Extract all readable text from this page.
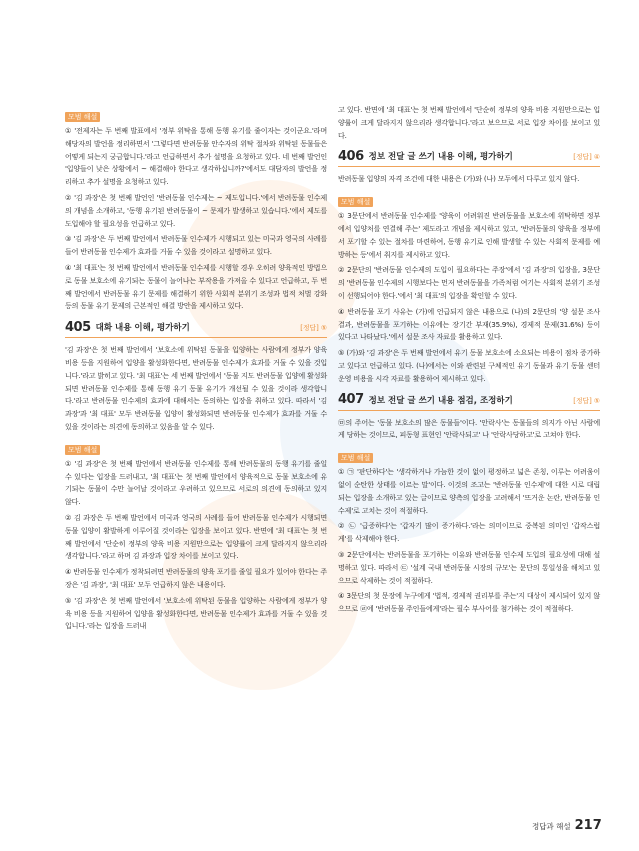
모범 해설

① '전제자는 두 번째 발표에서 '정부 위탁을 통해 동행 유기를 줄이자는 것이군요.'라며 해당자의 발언을 정리하면서 '그렇다면 반려동물 안수자의 위탁 절차와 위탁된 동물들은 어떻게 되는지 궁금합니다.'라고 언급하면서 추가 설명을 요청하고 있다. 네 번째 발언인 '입양들이 낮은 상황에서 ~ 해결해야 한다고 생각하십니까?'에서도 대담자의 발언을 정리하고 추가 설명을 요청하고 있다.

② '김 과장'은 첫 번째 발언인 '반려동물 인수제는 ~ 제도입니다.'에서 반려동물 인수제의 개념을 소개하고, '동행 유기된 반려동물이 ~ 문제가 발생하고 있습니다.'에서 제도를 도입해야 할 필요성을 언급하고 있다.

③ '김 과장'은 두 번째 발언에서 반려동물 인수제가 시행되고 있는 미국과 영국의 사례를 들어 반려동물 인수제가 효과를 거둘 수 있을 것이라고 설명하고 있다.

④ '최 대표'는 첫 번째 발언에서 반려동물 인수제를 시행할 경우 오히려 양육적인 방법으로 동물 보호소에 유기되는 동물이 늘어나는 부작용을 가져올 수 있다고 언급하고, 두 번째 발언에서 반려동물 유기 문제를 해결하기 위한 사회적 분위기 조성과 법적 처벌 강화 등의 동물 유기 문제의 근본적인 해결 방안을 제시하고 있다.

405 대화 내용 이해, 평가하기	[정답] ⑤

'김 과장'은 첫 번째 발언에서 '보호소에 위탁된 동물을 입양하는 사람에게 정부가 양육 비용 등을 지원하여 입양을 활성화한다면, 반려동물 인수제가 효과를 거둘 수 있을 것입니다.'라고 밝히고 있다. '최 대표'는 세 번째 발언에서 '동물 지도 반려동물 입양에 활성화되면 반려동물 인수제를 통해 동행 유기 동물 유기가 개선될 수 있을 것이라 생각합니다.'라고 반려동물 인수제의 효과에 대해서는 동의하는 입장을 취하고 있다. 따라서 '김 과장'과 '최 대표' 모두 반려동물 입양이 활성화되면 반려동물 인수제가 효과를 거둘 수 있을 것이라는 의견에 동의하고 있음을 알 수 있다.

모범 해설

① '김 과장'은 첫 번째 발언에서 반려동물 인수제를 통해 반려동물의 동행 유기를 줄일 수 있다는 입장을 드러내고, '최 대표'는 첫 번째 발언에서 양육적으로 동물 보호소에 유기되는 동물이 수만 늘어날 것이라고 우려하고 있으므로 서로의 의견에 동의하고 있지 않다.

② 김 과장은 두 번째 발언에서 미국과 영국의 사례를 들어 반려동물 인수제가 시행되면 동물 입양이 활발하게 이루어질 것이라는 입장을 보이고 있다. 반면에 '최 대표'는 첫 번째 발언에서 '단순히 정부의 양육 비용 지원만으로는 입양률이 크게 달라지지 않으리라 생각합니다.'라고 하며 김 과장과 입장 차이를 보이고 있다.

④ 반려동물 인수제가 정착되려면 반려동물의 양육 포기를 줄일 필요가 있어야 한다는 주장은 '김 과장', '최 대표' 모두 언급하지 않은 내용이다.

⑤ '김 과장'은 첫 번째 발언에서 '보호소에 위탁된 동물을 입양하는 사람에게 정부가 양육 비용 등을 지원하여 입양을 활성화한다면, 반려동물 인수제가 효과를 거둘 수 있을 것입니다.'라는 입장을 드러내

고 있다. 반면에 '최 대표'는 첫 번째 발언에서 '단순히 정부의 양육 비용 지원만으로는 입양률이 크게 달라지지 않으리라 생각합니다.'라고 보으므로 서로 입장 차이를 보이고 있다.

406 정보 전달 글 쓰기 내용 이해, 평가하기	[정답] ④

반려동물 입양의 자격 조건에 대한 내용은 (가)와 (나) 모두에서 다루고 있지 않다.

모범 해설

① 3문단에서 반려동물 인수제를 '양육이 어려워진 반려동물을 보호소에 위탁하면 정부에서 입양처를 연결해 주는' 제도라고 개념을 제시하고 있고, '반려동물의 양육을 정부에서 포기할 수 있는 절차를 마련하여, 동행 유기로 인해 발생할 수 있는 사회적 문제를 예방하는 등'에서 취지를 제시하고 있다.

② 2문단의 '반려동물 인수제의 도입이 필요하다는 주장'에서 '김 과장'의 입장을, 3문단의 '반려동물 인수제의 시행보다는 먼저 반려동물을 가족처럼 여기는 사회적 분위기 조성이 선행되어야 한다.'에서 '최 대표'의 입장을 확인할 수 있다.

④ 반려동물 포기 사유는 (가)에 언급되지 않은 내용으로 (나)의 2문단의 '양 설문 조사 결과, 반려동물을 포기하는 이유에는 장기간 부재(35.9%), 경제적 문제(31.6%) 등이 있다고 나타났다.'에서 설문 조사 자료를 활용하고 있다.

⑤ (가)와 '김 과장'은 두 번째 발언에서 유기 동물 보호소에 소요되는 비용이 점차 증가하고 있다고 언급하고 있다. (나)에서는 이와 관련된 구체적인 유기 동물과 유기 동물 센터 운영 비용을 시각 자료를 활용하여 제시하고 있다.

407 정보 전달 글 쓰기 내용 점검, 조정하기	[정답] ⑤

㉤의 주어는 '동물 보호소의 많은 동물들'이다. '안락사'는 동물들의 의지가 아닌 사람에게 당하는 것이므로, 피동형 표현인 '안락사되고' 나 '안락사당하고'로 고쳐야 한다.

모범 해설

① ㉠ '판단하다'는 '생각하거나 가늠한 것이 없이 평정하고 넓은 존칭, 이루는 어려움이 없이 순탄한 상태를 이르는 말'이다. 이것의 조고는 '반려동물 인수제'에 대한 시로 대립되는 입장을 소개하고 있는 글이므로 양측의 입장을 고려해서 '뜨거운 논란, 반려동물 인수제'로 고치는 것이 적절하다.

② ㉡ '급증하다'는 '갑자기 많이 증가하다.'라는 의미이므로 중복된 의미인 '갑작스럽게'를 삭제해야 한다.

③ 2문단에서는 반려동물을 포기하는 이유와 반려동물 인수제 도입의 필요성에 대해 설명하고 있다. 따라서 ㉢ '설계 국내 반려동물 시장의 규모'는 문단의 통일성을 해치고 있으므로 삭제하는 것이 적절하다.

④ 3문단의 첫 문장에 누구에게 '법적, 경제적 권리부를 주는'지 대상이 제시되어 있지 않으므로 ㉣에 '반려동물 주인들에게'라는 필수 부사어를 첨가하는 것이 적절하다.

정답과 해설 217
